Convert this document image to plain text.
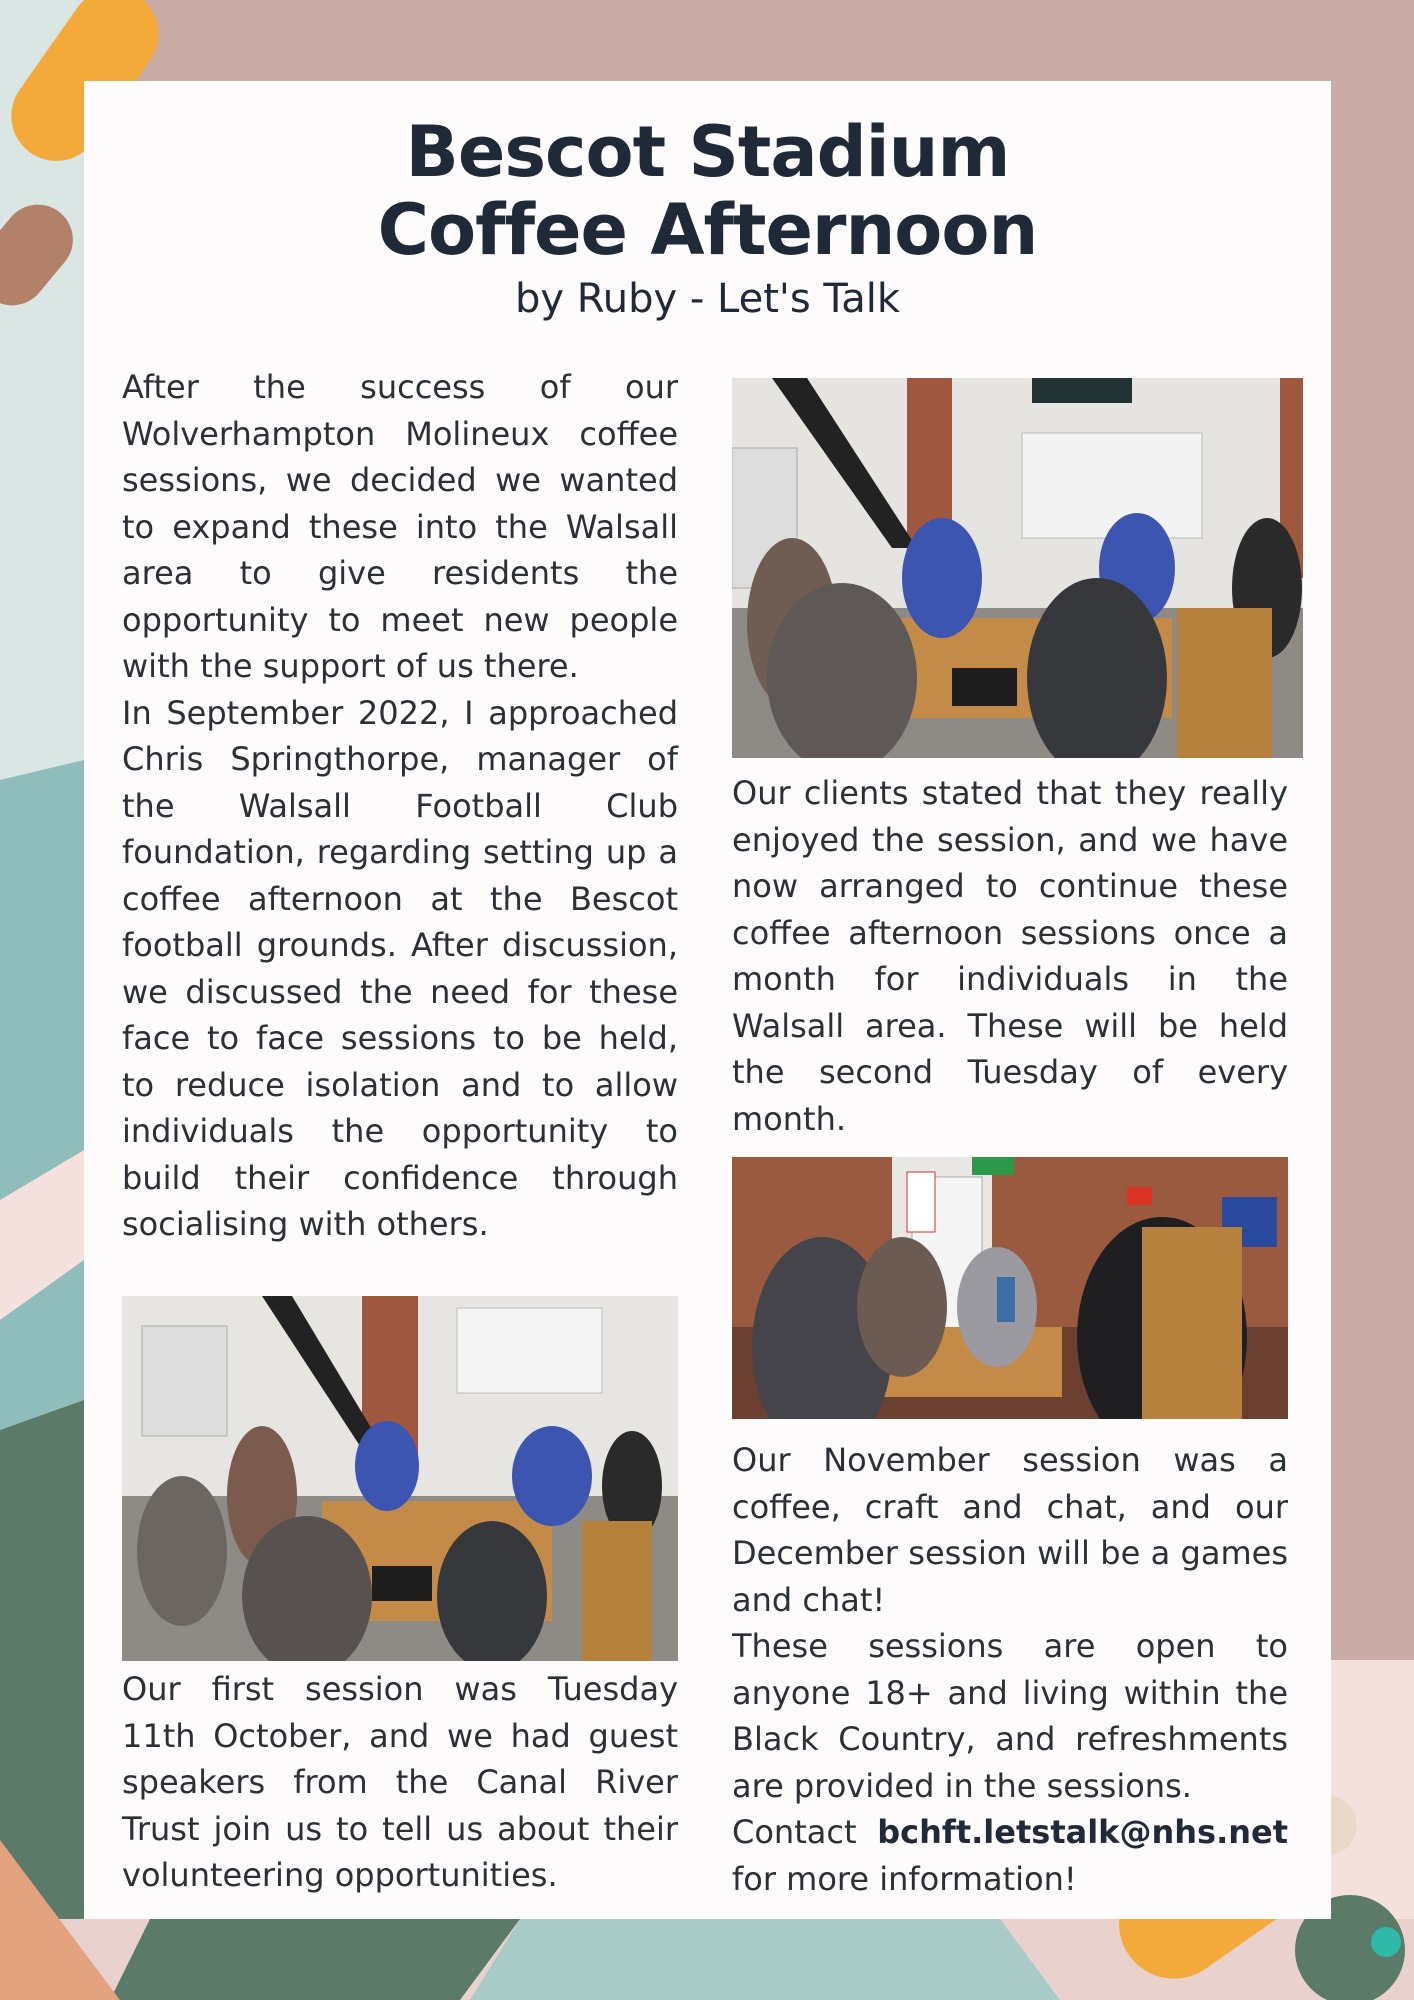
Bescot Stadium
Coffee Afternoon
by Ruby - Let's Talk

After the success of our Wolverhampton Molineux coffee sessions, we decided we wanted to expand these into the Walsall area to give residents the opportunity to meet new people with the support of us there.

In September 2022, I approached Chris Springthorpe, manager of the Walsall Football Club foundation, regarding setting up a coffee afternoon at the Bescot football grounds. After discussion, we discussed the need for these face to face sessions to be held, to reduce isolation and to allow individuals the opportunity to build their confidence through socialising with others.

Our first session was Tuesday 11th October, and we had guest speakers from the Canal River Trust join us to tell us about their volunteering opportunities.

Our clients stated that they really enjoyed the session, and we have now arranged to continue these coffee afternoon sessions once a month for individuals in the Walsall area. These will be held the second Tuesday of every month.

Our November session was a coffee, craft and chat, and our December session will be a games and chat!

These sessions are open to anyone 18+ and living within the Black Country, and refreshments are provided in the sessions.

Contact bchft.letstalk@nhs.net
for more information!
